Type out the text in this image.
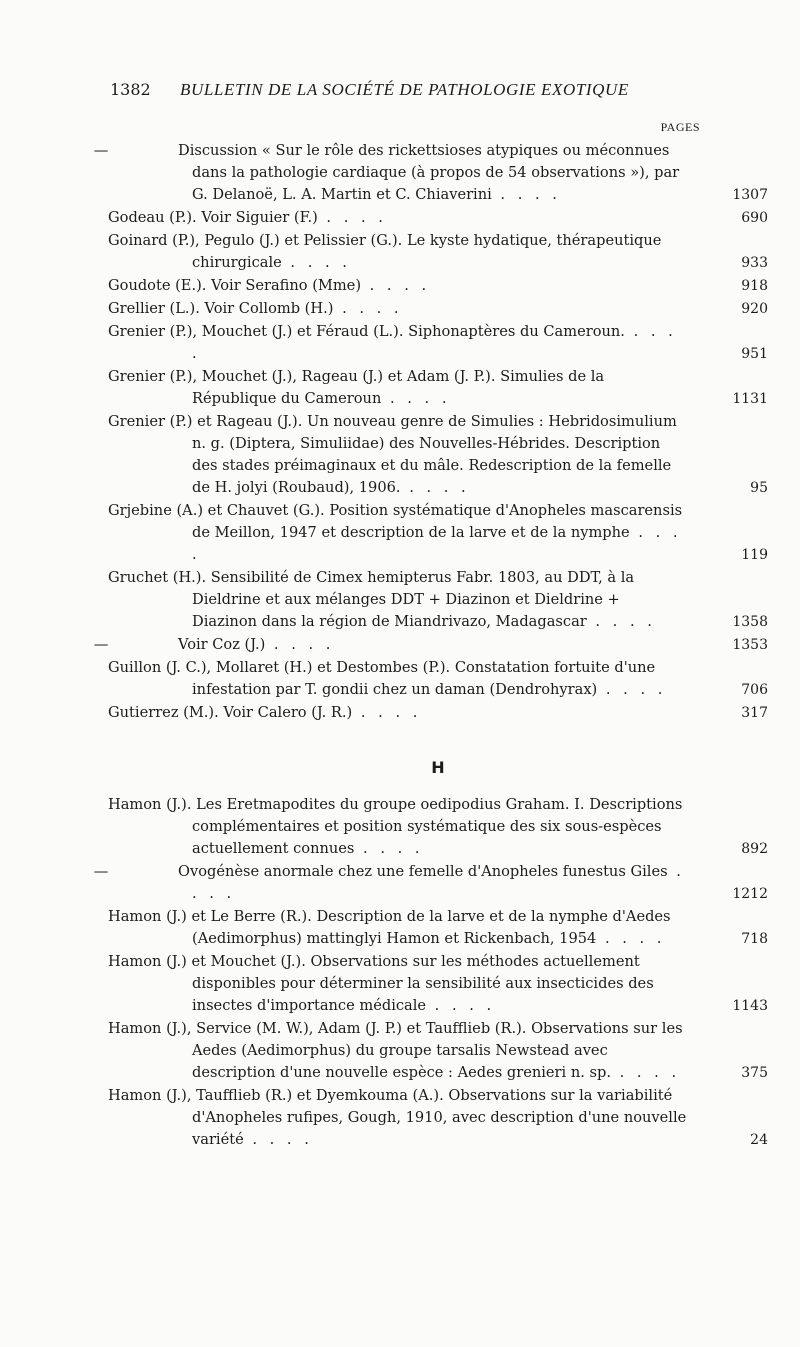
1382 BULLETIN DE LA SOCIÉTÉ DE PATHOLOGIE EXOTIQUE
PAGES
—	Discussion « Sur le rôle des rickettsioses atypiques ou méconnues dans la pathologie cardiaque (à propos de 54 observations »), par G. Delanoë, L. A. Martin et C. Chiaverini . . . .	1307
Godeau (P.). Voir Siguier (F.) . . . .	690
Goinard (P.), Pegulo (J.) et Pelissier (G.). Le kyste hydatique, thérapeutique chirurgicale . . . .	933
Goudote (E.). Voir Serafino (Mme) . . . .	918
Grellier (L.). Voir Collomb (H.) . . . .	920
Grenier (P.), Mouchet (J.) et Féraud (L.). Siphonaptères du Cameroun. . . . .	951
Grenier (P.), Mouchet (J.), Rageau (J.) et Adam (J. P.). Simulies de la République du Cameroun . . . .	1131
Grenier (P.) et Rageau (J.). Un nouveau genre de Simulies : Hebridosimulium n. g. (Diptera, Simuliidae) des Nouvelles-Hébrides. Description des stades préimaginaux et du mâle. Redescription de la femelle de H. jolyi (Roubaud), 1906. . . . .	95
Grjebine (A.) et Chauvet (G.). Position systématique d'Anopheles mascarensis de Meillon, 1947 et description de la larve et de la nymphe . . . .	119
Gruchet (H.). Sensibilité de Cimex hemipterus Fabr. 1803, au DDT, à la Dieldrine et aux mélanges DDT + Diazinon et Dieldrine + Diazinon dans la région de Miandrivazo, Madagascar . . . .	1358
—	Voir Coz (J.) . . . .	1353
Guillon (J. C.), Mollaret (H.) et Destombes (P.). Constatation fortuite d'une infestation par T. gondii chez un daman (Dendrohyrax) . . . .	706
Gutierrez (M.). Voir Calero (J. R.) . . . .	317
H
Hamon (J.). Les Eretmapodites du groupe oedipodius Graham. I. Descriptions complémentaires et position systématique des six sous-espèces actuellement connues . . . .	892
—	Ovogénèse anormale chez une femelle d'Anopheles funestus Giles . . . .	1212
Hamon (J.) et Le Berre (R.). Description de la larve et de la nymphe d'Aedes (Aedimorphus) mattinglyi Hamon et Rickenbach, 1954 . . . .	718
Hamon (J.) et Mouchet (J.). Observations sur les méthodes actuellement disponibles pour déterminer la sensibilité aux insecticides des insectes d'importance médicale . . . .	1143
Hamon (J.), Service (M. W.), Adam (J. P.) et Taufflieb (R.). Observations sur les Aedes (Aedimorphus) du groupe tarsalis Newstead avec description d'une nouvelle espèce : Aedes grenieri n. sp. . . . .	375
Hamon (J.), Taufflieb (R.) et Dyemkouma (A.). Observations sur la variabilité d'Anopheles rufipes, Gough, 1910, avec description d'une nouvelle variété . . . .	24
